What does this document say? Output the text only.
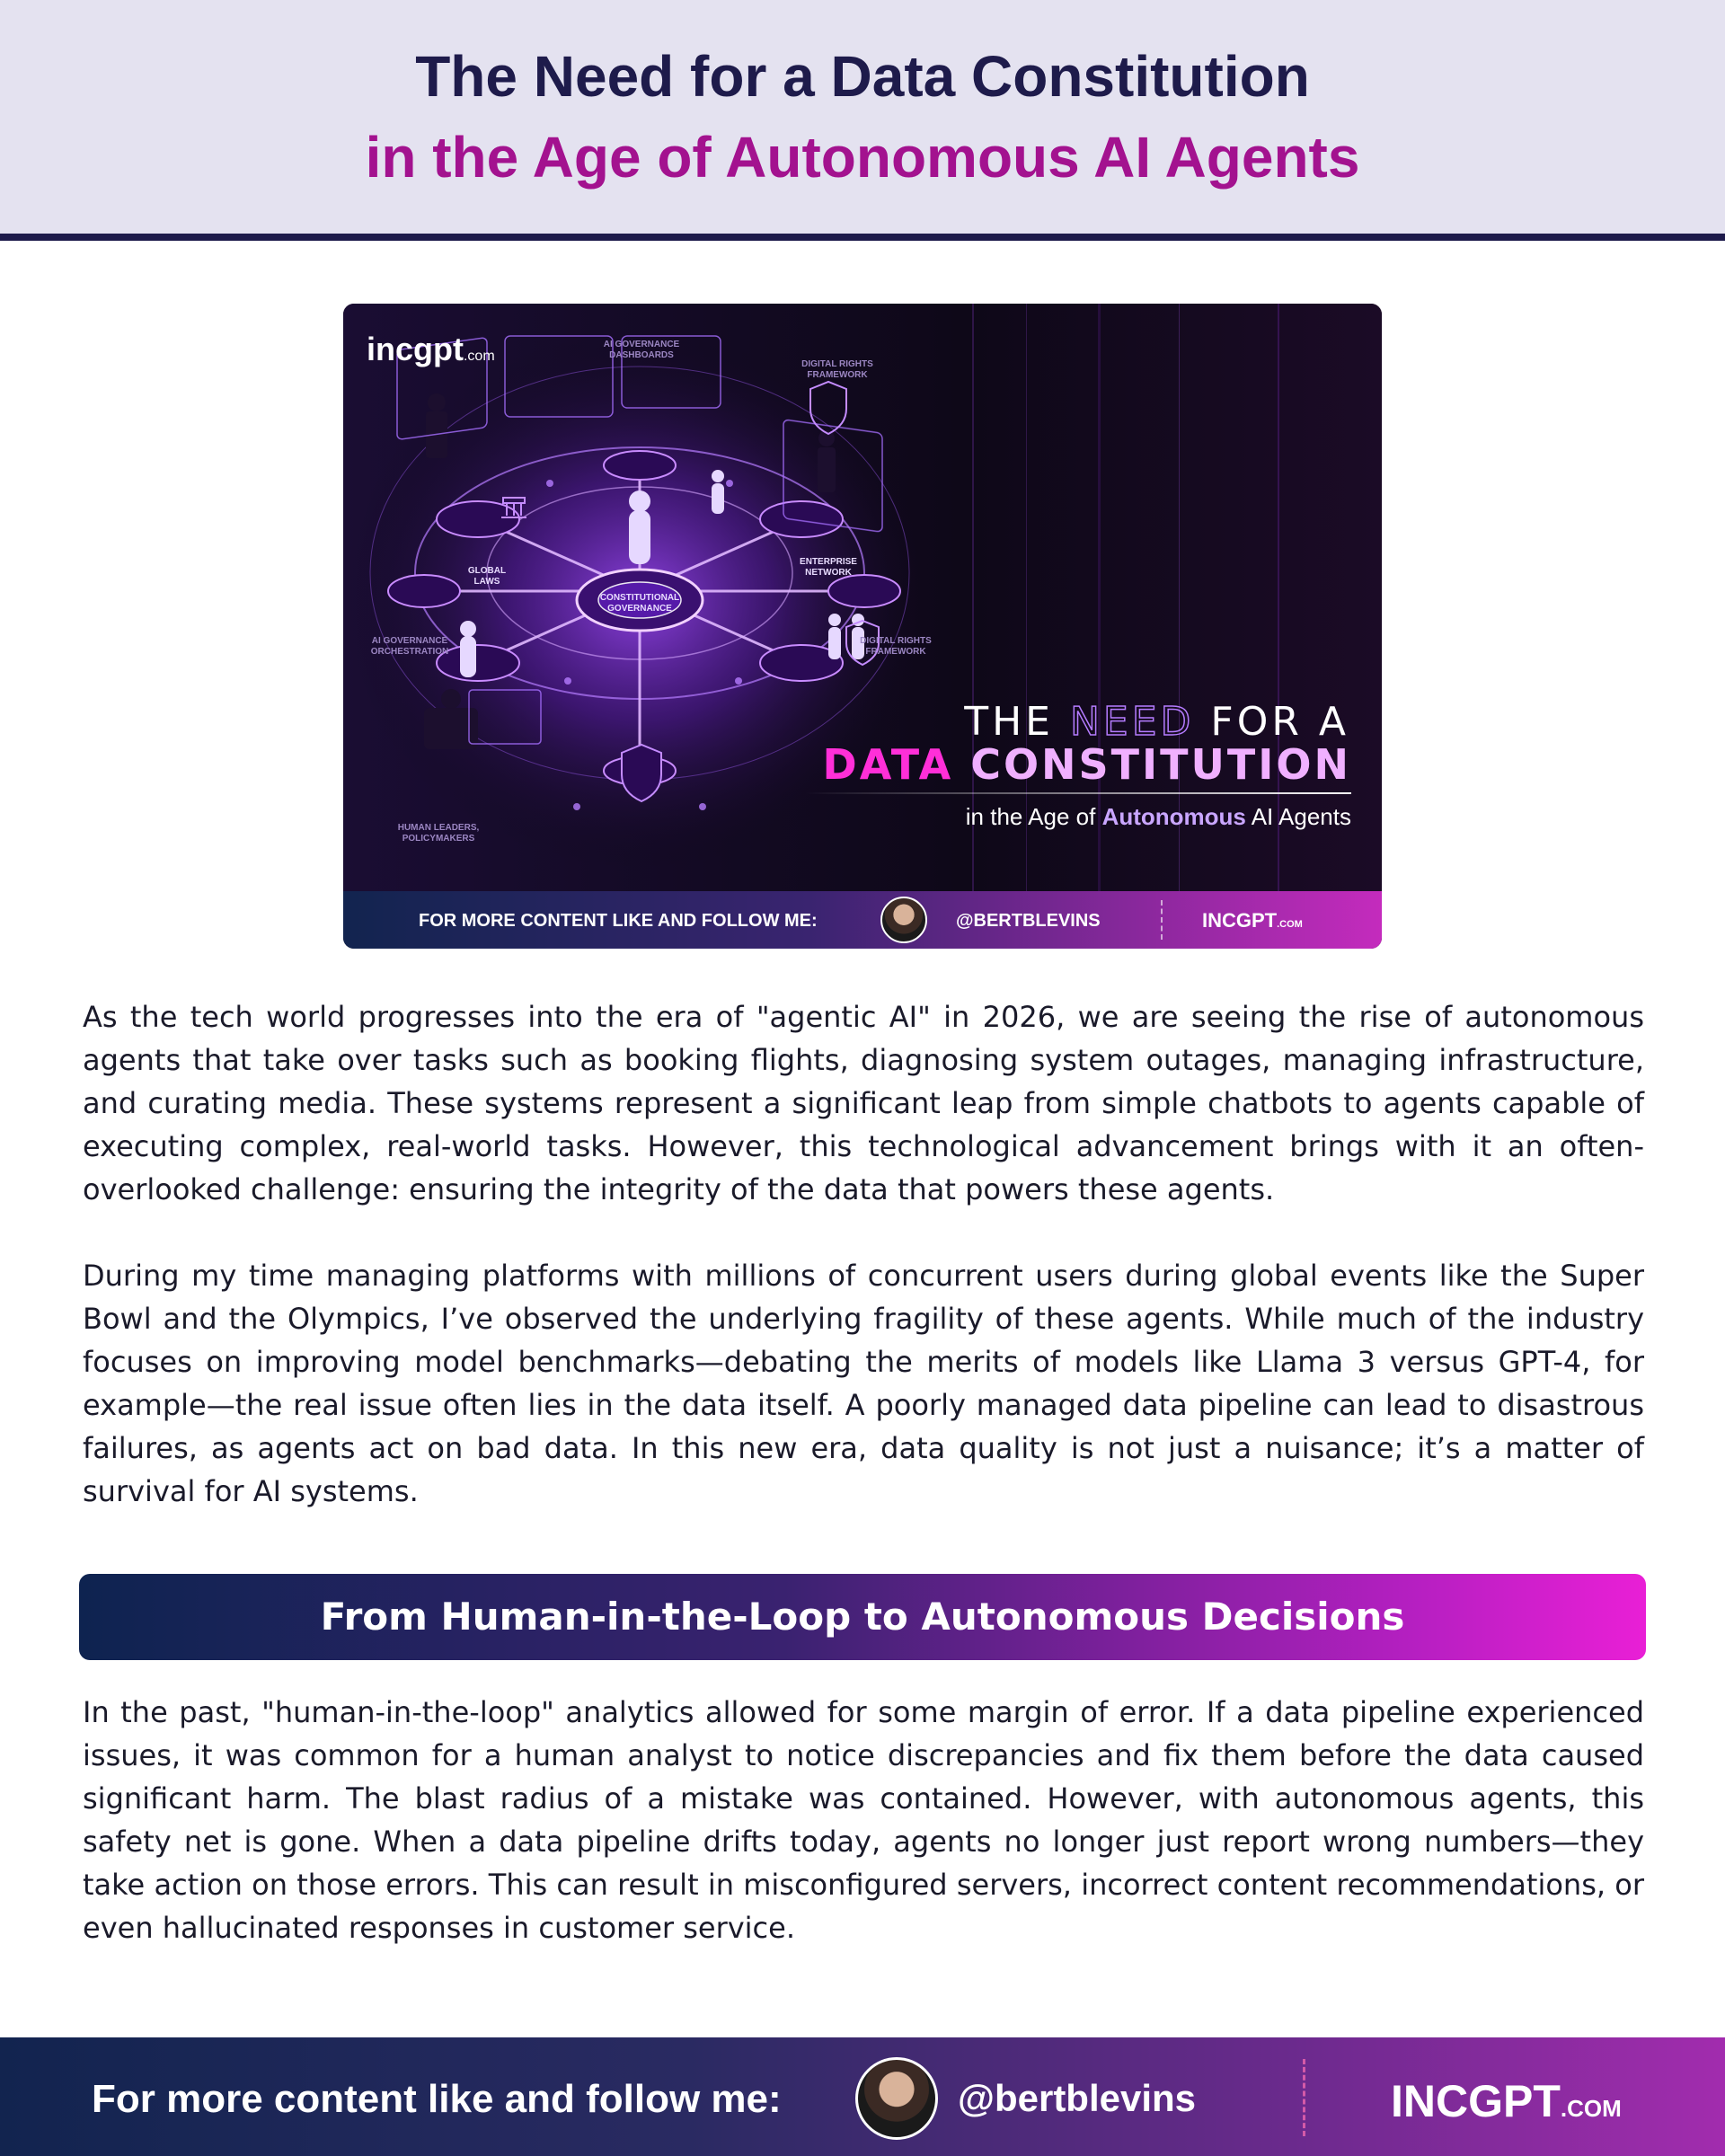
The Need for a Data Constitution
in the Age of Autonomous AI Agents
incgpt.com
AI GOVERNANCE DASHBOARDS
DIGITAL RIGHTS FRAMEWORK
GLOBAL LAWS
AI GOVERNANCE ORCHESTRATION
CONSTITUTIONAL GOVERNANCE
ENTERPRISE NETWORK
DIGITAL RIGHTS FRAMEWORK
HUMAN LEADERS, POLICYMAKERS
THE NEED FOR A
DATA CONSTITUTION
in the Age of Autonomous AI Agents
FOR MORE CONTENT LIKE AND FOLLOW ME:	@BERTBLEVINS	INCGPT.COM

As the tech world progresses into the era of "agentic AI" in 2026, we are seeing the rise of autonomous agents that take over tasks such as booking flights, diagnosing system outages, managing infrastructure, and curating media. These systems represent a significant leap from simple chatbots to agents capable of executing complex, real-world tasks. However, this technological advancement brings with it an often-overlooked challenge: ensuring the integrity of the data that powers these agents.

During my time managing platforms with millions of concurrent users during global events like the Super Bowl and the Olympics, I’ve observed the underlying fragility of these agents. While much of the industry focuses on improving model benchmarks—debating the merits of models like Llama 3 versus GPT-4, for example—the real issue often lies in the data itself. A poorly managed data pipeline can lead to disastrous failures, as agents act on bad data. In this new era, data quality is not just a nuisance; it’s a matter of survival for AI systems.

From Human-in-the-Loop to Autonomous Decisions

In the past, "human-in-the-loop" analytics allowed for some margin of error. If a data pipeline experienced issues, it was common for a human analyst to notice discrepancies and fix them before the data caused significant harm. The blast radius of a mistake was contained. However, with autonomous agents, this safety net is gone. When a data pipeline drifts today, agents no longer just report wrong numbers—they take action on those errors. This can result in misconfigured servers, incorrect content recommendations, or even hallucinated responses in customer service.

For more content like and follow me:	@bertblevins	INCGPT.COM
